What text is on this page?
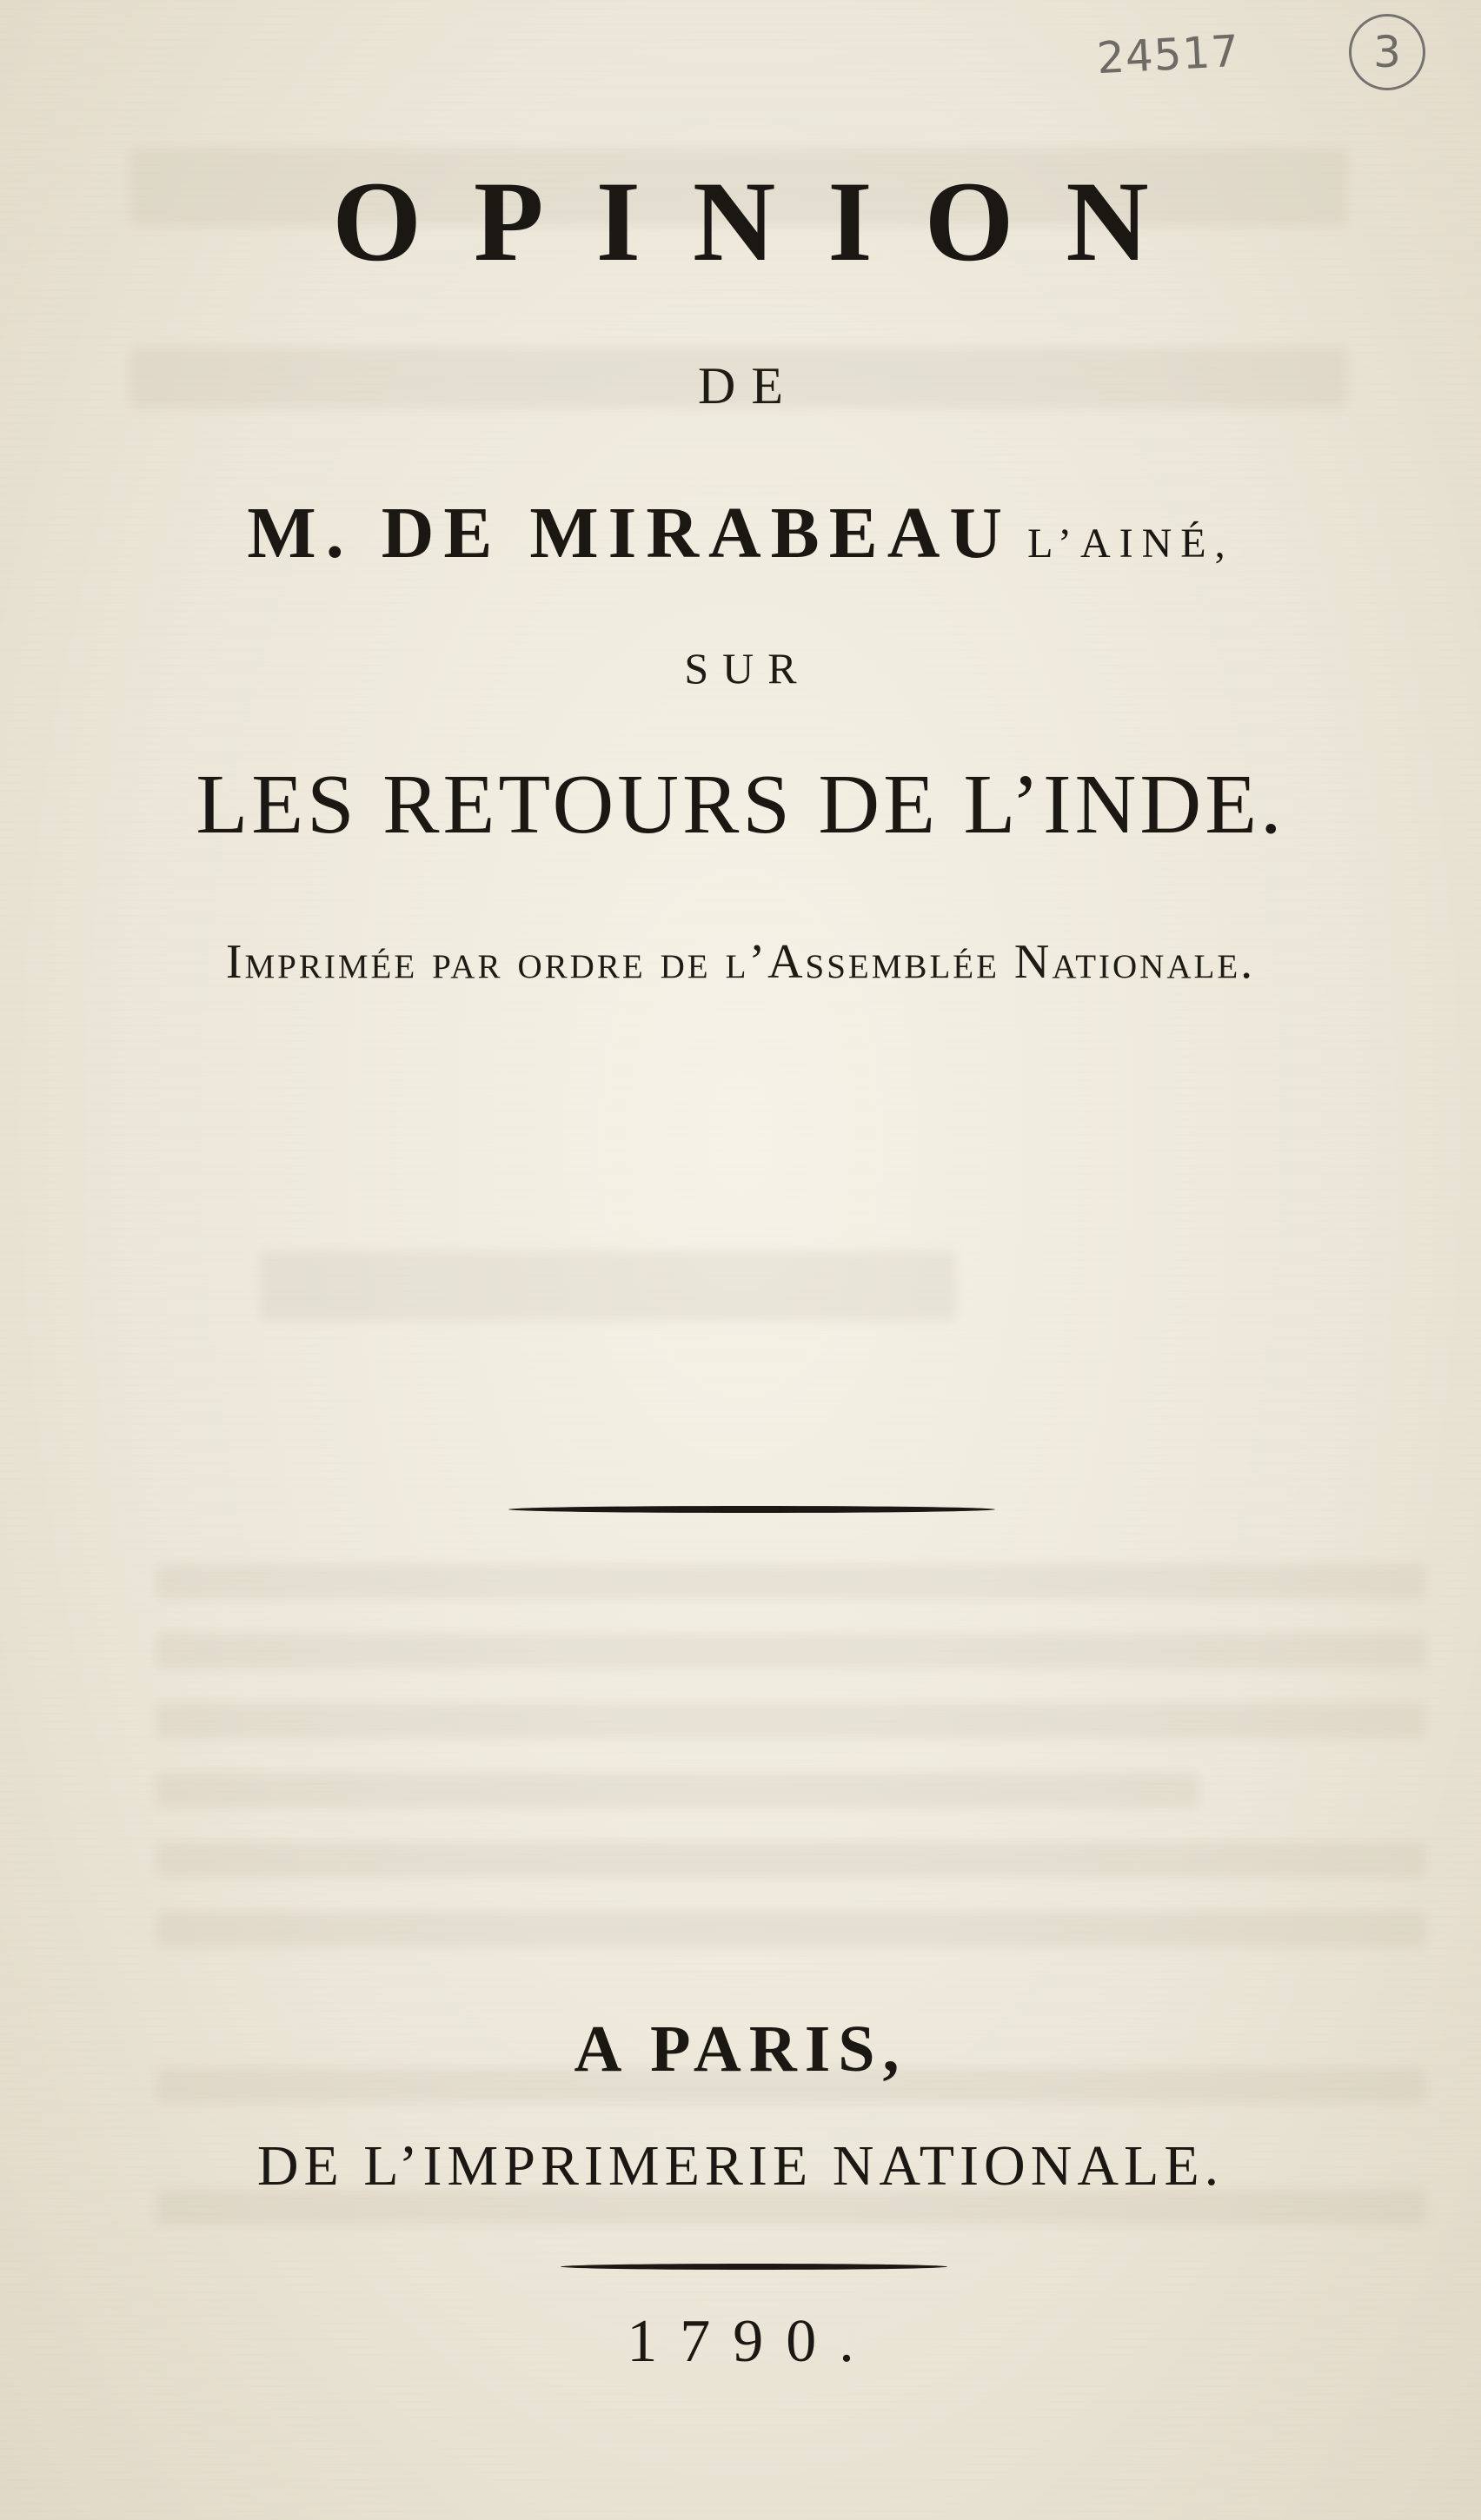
24517	3
OPINION
DE
M. DE MIRABEAU L’AINÉ,
SUR
LES RETOURS DE L’INDE.
Imprimée par ordre de l’Assemblée Nationale.
A PARIS,
DE L’IMPRIMERIE NATIONALE.
1790.
